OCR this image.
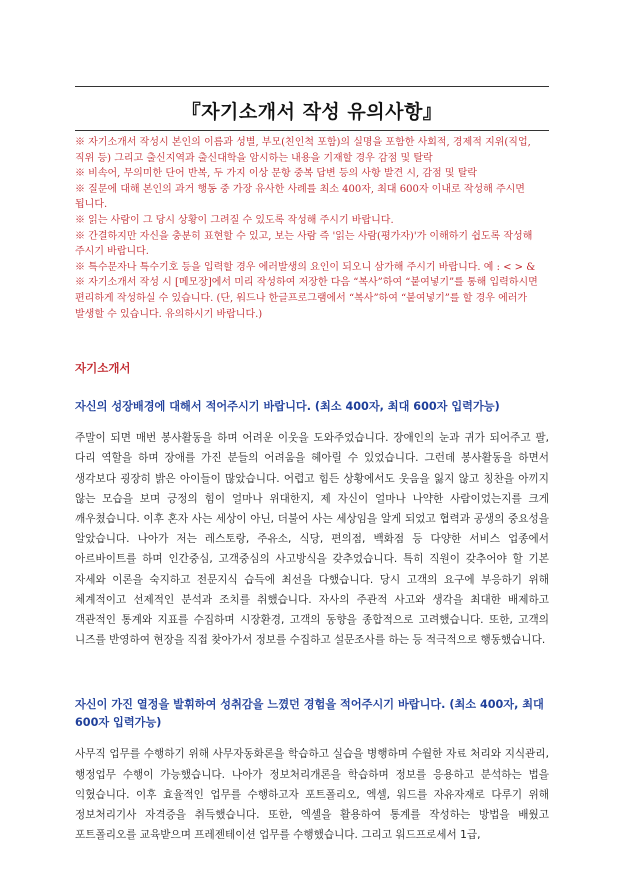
『자기소개서 작성 유의사항』

※ 자기소개서 작성시 본인의 이름과 성별, 부모(친인척 포함)의 실명을 포함한 사회적, 경제적 지위(직업, 직위 등) 그리고 출신지역과 출신대학을 암시하는 내용을 기재할 경우 감점 및 탈락

※ 비속어, 무의미한 단어 반복, 두 가지 이상 문항 중복 답변 등의 사항 발견 시, 감점 및 탈락

※ 질문에 대해 본인의 과거 행동 중 가장 유사한 사례를 최소 400자, 최대 600자 이내로 작성해 주시면 됩니다.

※ 읽는 사람이 그 당시 상황이 그려질 수 있도록 작성해 주시기 바랍니다.

※ 간결하지만 자신을 충분히 표현할 수 있고, 보는 사람 즉 '읽는 사람(평가자)'가 이해하기 쉽도록 작성해 주시기 바랍니다.

※ 특수문자나 특수기호 등을 입력할 경우 에러발생의 요인이 되오니 삼가해 주시기 바랍니다. 예 : < > &

※ 자기소개서 작성 시 [메모장]에서 미리 작성하여 저장한 다음 “복사”하여 “붙여넣기”를 통해 입력하시면 편리하게 작성하실 수 있습니다. (단, 워드나 한글프로그램에서 “복사”하여 “붙여넣기”를 할 경우 에러가 발생할 수 있습니다. 유의하시기 바랍니다.)

자기소개서

자신의 성장배경에 대해서 적어주시기 바랍니다. (최소 400자, 최대 600자 입력가능)

주말이 되면 매번 봉사활동을 하며 어려운 이웃을 도와주었습니다. 장애인의 눈과 귀가 되어주고 팔, 다리 역할을 하며 장애를 가진 분들의 어려움을 헤아릴 수 있었습니다. 그런데 봉사활동을 하면서 생각보다 굉장히 밝은 아이들이 많았습니다. 어렵고 힘든 상황에서도 웃음을 잃지 않고 칭찬을 아끼지 않는 모습을 보며 긍정의 힘이 얼마나 위대한지, 제 자신이 얼마나 나약한 사람이었는지를 크게 깨우쳤습니다. 이후 혼자 사는 세상이 아닌, 더불어 사는 세상임을 알게 되었고 협력과 공생의 중요성을 알았습니다. 나아가 저는 레스토랑, 주유소, 식당, 편의점, 백화점 등 다양한 서비스 업종에서 아르바이트를 하며 인간중심, 고객중심의 사고방식을 갖추었습니다. 특히 직원이 갖추어야 할 기본 자세와 이론을 숙지하고 전문지식 습득에 최선을 다했습니다. 당시 고객의 요구에 부응하기 위해 체계적이고 선제적인 분석과 조치를 취했습니다. 자사의 주관적 사고와 생각을 최대한 배제하고 객관적인 통계와 지표를 수집하며 시장환경, 고객의 동향을 종합적으로 고려했습니다. 또한, 고객의 니즈를 반영하여 현장을 직접 찾아가서 정보를 수집하고 설문조사를 하는 등 적극적으로 행동했습니다.

자신이 가진 열정을 발휘하여 성취감을 느꼈던 경험을 적어주시기 바랍니다. (최소 400자, 최대 600자 입력가능)

사무직 업무를 수행하기 위해 사무자동화론을 학습하고 실습을 병행하며 수월한 자료 처리와 지식관리, 행정업무 수행이 가능했습니다. 나아가 정보처리개론을 학습하며 정보를 응용하고 분석하는 법을 익혔습니다. 이후 효율적인 업무를 수행하고자 포트폴리오, 엑셀, 워드를 자유자재로 다루기 위해 정보처리기사 자격증을 취득했습니다. 또한, 엑셀을 활용하여 통계를 작성하는 방법을 배웠고 포트폴리오를 교육받으며 프레젠테이션 업무를 수행했습니다. 그리고 워드프로세서 1급,
